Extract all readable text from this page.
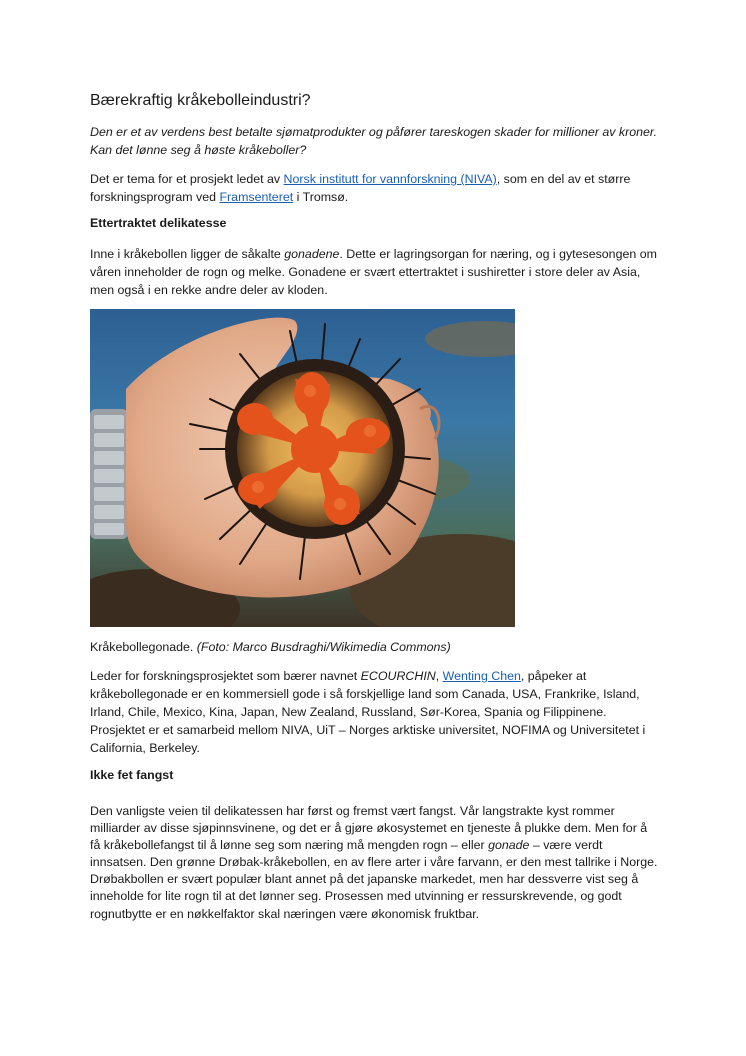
Bærekraftig kråkebolleindustri?
Den er et av verdens best betalte sjømatprodukter og påfører tareskogen skader for millioner av kroner. Kan det lønne seg å høste kråkeboller?
Det er tema for et prosjekt ledet av Norsk institutt for vannforskning (NIVA), som en del av et større forskningsprogram ved Framsenteret i Tromsø.
Ettertraktet delikatesse
Inne i kråkebollen ligger de såkalte gonadene. Dette er lagringsorgan for næring, og i gytesesongen om våren inneholder de rogn og melke. Gonadene er svært ettertraktet i sushiretter i store deler av Asia, men også i en rekke andre deler av kloden.
Kråkebollegonade. (Foto: Marco Busdraghi/Wikimedia Commons)
Leder for forskningsprosjektet som bærer navnet ECOURCHIN, Wenting Chen, påpeker at kråkebollegonade er en kommersiell gode i så forskjellige land som Canada, USA, Frankrike, Island, Irland, Chile, Mexico, Kina, Japan, New Zealand, Russland, Sør-Korea, Spania og Filippinene. Prosjektet er et samarbeid mellom NIVA, UiT – Norges arktiske universitet, NOFIMA og Universitetet i California, Berkeley.
Ikke fet fangst
Den vanligste veien til delikatessen har først og fremst vært fangst. Vår langstrakte kyst rommer milliarder av disse sjøpinnsvinene, og det er å gjøre økosystemet en tjeneste å plukke dem. Men for å få kråkebollefangst til å lønne seg som næring må mengden rogn – eller gonade – være verdt innsatsen. Den grønne Drøbak-kråkebollen, en av flere arter i våre farvann, er den mest tallrike i Norge. Drøbakbollen er svært populær blant annet på det japanske markedet, men har dessverre vist seg å inneholde for lite rogn til at det lønner seg. Prosessen med utvinning er ressurskrevende, og godt rognutbytte er en nøkkelfaktor skal næringen være økonomisk fruktbar.
